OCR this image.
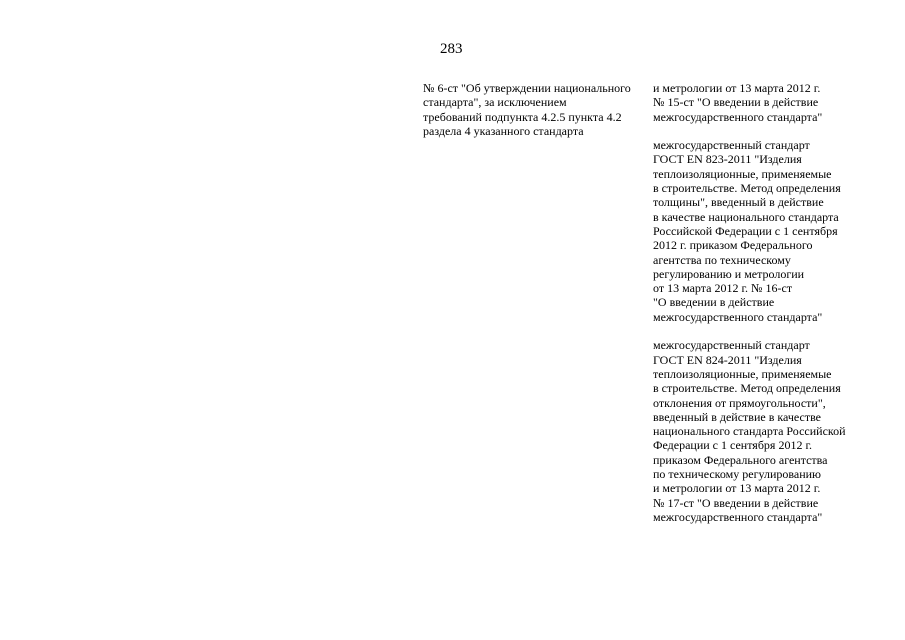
283

№ 6-ст "Об утверждении национального
стандарта", за исключением
требований подпункта 4.2.5 пункта 4.2
раздела 4 указанного стандарта

и метрологии от 13 марта 2012 г.
№ 15-ст "О введении в действие
межгосударственного стандарта"

межгосударственный стандарт
ГОСТ EN 823-2011 "Изделия
теплоизоляционные, применяемые
в строительстве. Метод определения
толщины", введенный в действие
в качестве национального стандарта
Российской Федерации с 1 сентября
2012 г. приказом Федерального
агентства по техническому
регулированию и метрологии
от 13 марта 2012 г. № 16-ст
"О введении в действие
межгосударственного стандарта"

межгосударственный стандарт
ГОСТ EN 824-2011 "Изделия
теплоизоляционные, применяемые
в строительстве. Метод определения
отклонения от прямоугольности",
введенный в действие в качестве
национального стандарта Российской
Федерации с 1 сентября 2012 г.
приказом Федерального агентства
по техническому регулированию
и метрологии от 13 марта 2012 г.
№ 17-ст "О введении в действие
межгосударственного стандарта"
